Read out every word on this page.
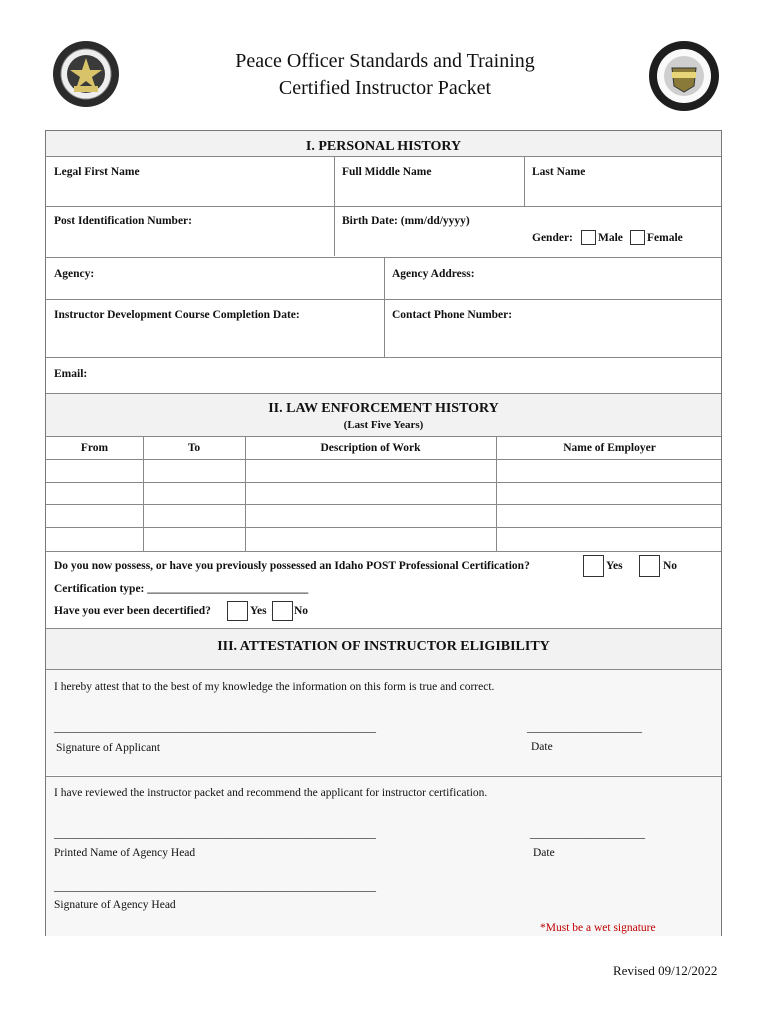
Peace Officer Standards and Training
Certified Instructor Packet
I. PERSONAL HISTORY
Legal First Name	Full Middle Name	Last Name
Post Identification Number:	Birth Date: (mm/dd/yyyy)
Gender: Male Female
Agency:	Agency Address:
Instructor Development Course Completion Date:	Contact Phone Number:
Email:
II. LAW ENFORCEMENT HISTORY
(Last Five Years)
From	To	Description of Work	Name of Employer
Do you now possess, or have you previously possessed an Idaho POST Professional Certification?	Yes	No
Certification type: ____________________________
Have you ever been decertified?	Yes No
III. ATTESTATION OF INSTRUCTOR ELIGIBILITY
I hereby attest that to the best of my knowledge the information on this form is true and correct.
________________________________________________________	____________________
Signature of Applicant	Date
I have reviewed the instructor packet and recommend the applicant for instructor certification.
________________________________________________________	____________________
Printed Name of Agency Head	Date
________________________________________________________
Signature of Agency Head
*Must be a wet signature
Revised 09/12/2022
